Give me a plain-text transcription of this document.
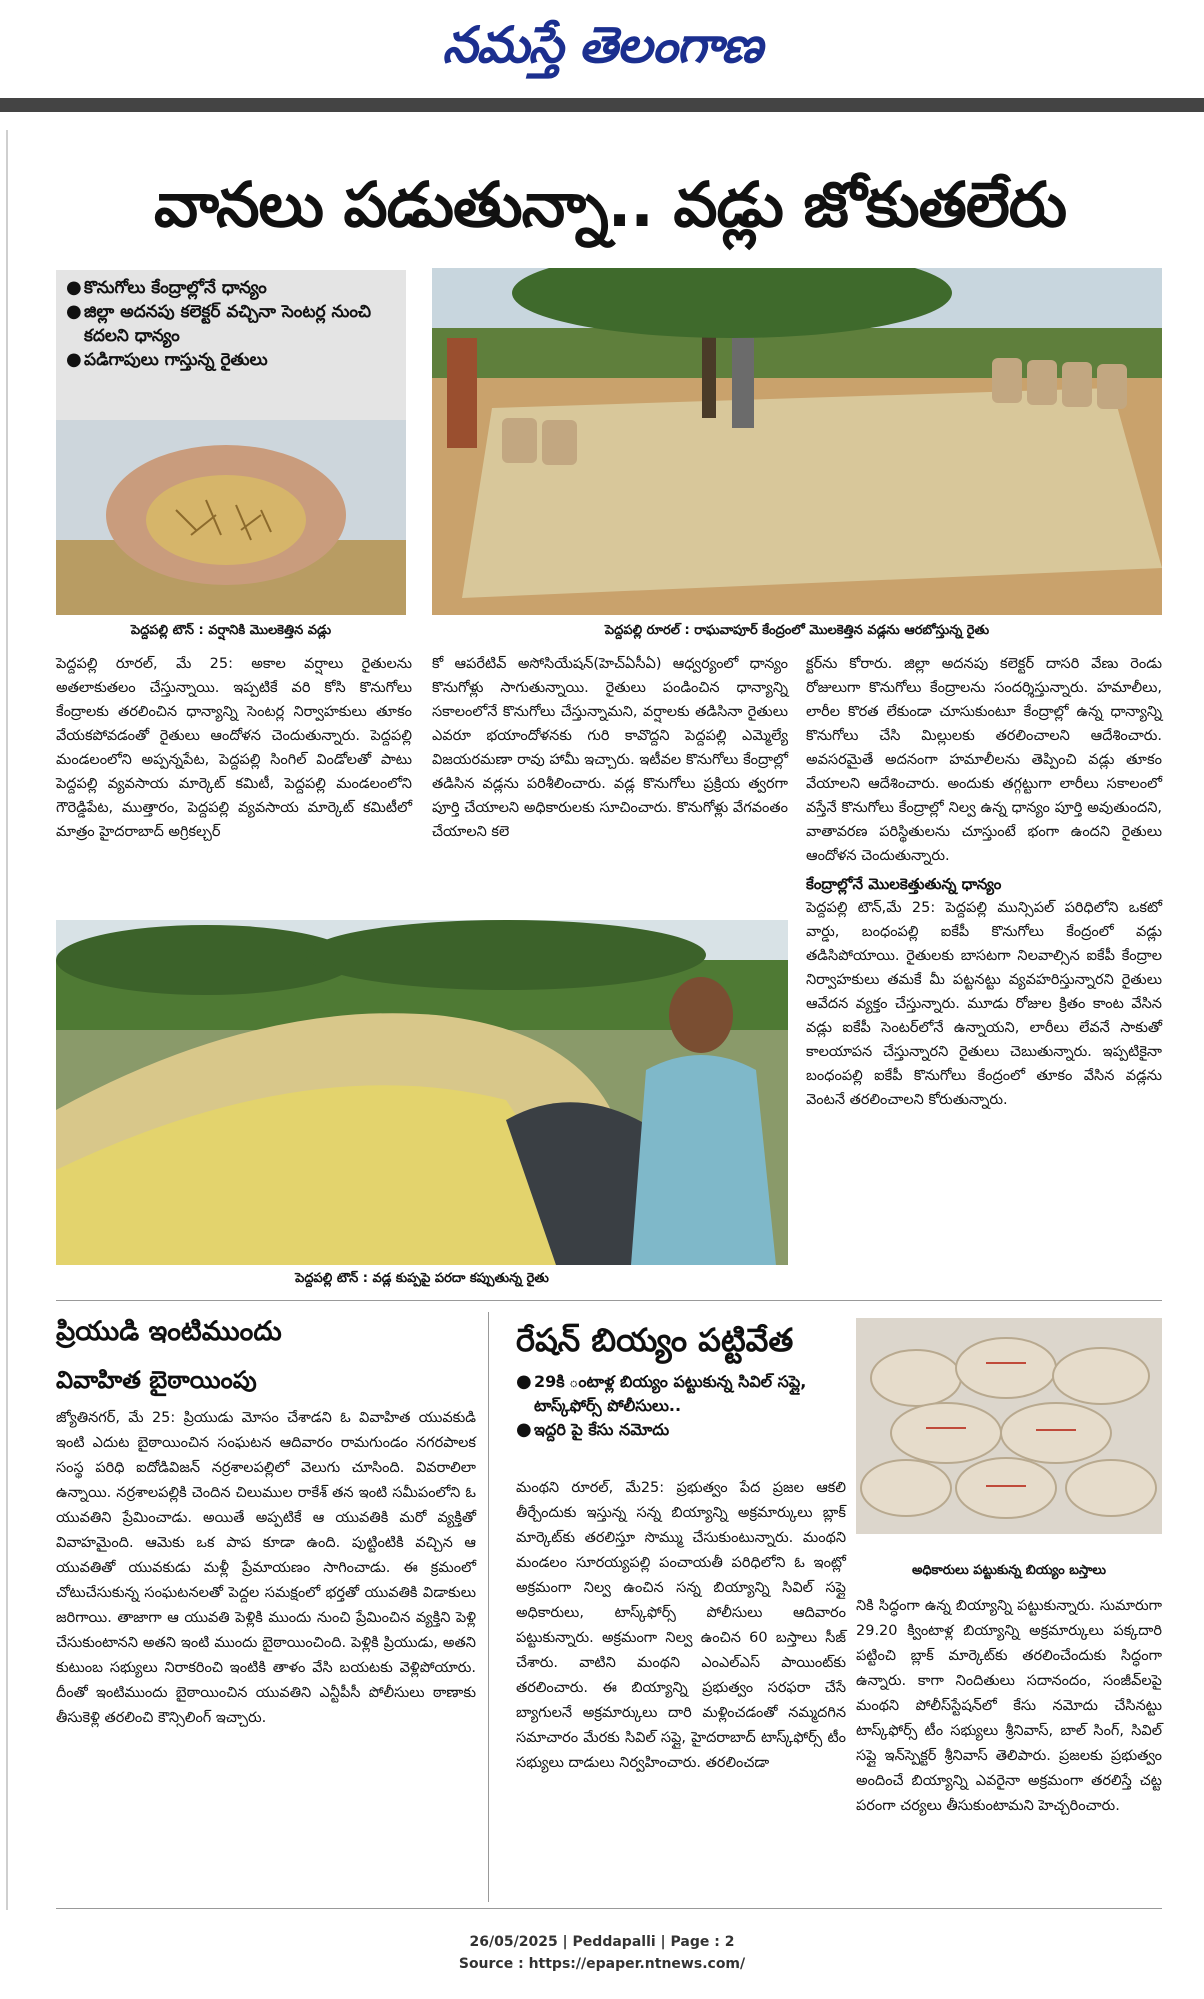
నమస్తే తెలంగాణ
వానలు పడుతున్నా.. వడ్లు జోకుతలేరు
● కొనుగోలు కేంద్రాల్లోనే ధాన్యం
● జిల్లా అదనపు కలెక్టర్ వచ్చినా సెంటర్ల నుంచి కదలని ధాన్యం
● పడిగాపులు గాస్తున్న రైతులు
పెద్దపల్లి టౌన్ : వర్షానికి మొలకెత్తిన వడ్లు	పెద్దపల్లి రూరల్ : రాఘవాపూర్ కేంద్రంలో మొలకెత్తిన వడ్లను ఆరబోస్తున్న రైతు

పెద్దపల్లి రూరల్, మే 25: అకాల వర్షాలు రైతులను అతలాకుతలం చేస్తున్నాయి. ఇప్పటికే వరి కోసి కొనుగోలు కేంద్రాలకు తరలించిన ధాన్యాన్ని సెంటర్ల నిర్వాహకులు తూకం వేయకపోవడంతో రైతులు ఆందోళన చెందుతున్నారు. పెద్దపల్లి మండలంలోని అప్పన్నపేట, పెద్దపల్లి సింగిల్ విండోలతో పాటు పెద్దపల్లి వ్యవసాయ మార్కెట్ కమిటీ, పెద్దపల్లి మండలంలోని గౌరెడ్డిపేట, ముత్తారం, పెద్దపల్లి వ్యవసాయ మార్కెట్ కమిటీలో మాత్రం హైదరాబాద్ అగ్రికల్చర్

కో ఆపరేటివ్ అసోసియేషన్(హెచ్ఏసీఏ) ఆధ్వర్యంలో ధాన్యం కొనుగోళ్లు సాగుతున్నాయి. రైతులు పండించిన ధాన్యాన్ని సకాలంలోనే కొనుగోలు చేస్తున్నామని, వర్షాలకు తడిసినా రైతులు ఎవరూ భయాందోళనకు గురి కావొద్దని పెద్దపల్లి ఎమ్మెల్యే విజయరమణా రావు హామీ ఇచ్చారు. ఇటీవల కొనుగోలు కేంద్రాల్లో తడిసిన వడ్లను పరిశీలించారు. వడ్ల కొనుగోలు ప్రక్రియ త్వరగా పూర్తి చేయాలని అధికారులకు సూచించారు. కొనుగోళ్లు వేగవంతం చేయాలని కలె

క్టర్‌ను కోరారు. జిల్లా అదనపు కలెక్టర్ దాసరి వేణు రెండు రోజులుగా కొనుగోలు కేంద్రాలను సందర్శిస్తున్నారు. హమాలీలు, లారీల కొరత లేకుండా చూసుకుంటూ కేంద్రాల్లో ఉన్న ధాన్యాన్ని కొనుగోలు చేసి మిల్లులకు తరలించాలని ఆదేశించారు. అవసరమైతే అదనంగా హమాలీలను తెప్పించి వడ్లు తూకం వేయాలని ఆదేశించారు. అందుకు తగ్గట్టుగా లారీలు సకాలంలో వస్తేనే కొనుగోలు కేంద్రాల్లో నిల్వ ఉన్న ధాన్యం పూర్తి అవుతుందని, వాతావరణ పరిస్థితులను చూస్తుంటే భంగా ఉందని రైతులు ఆందోళన చెందుతున్నారు.

కేంద్రాల్లోనే మొలకెత్తుతున్న ధాన్యం

పెద్దపల్లి టౌన్,మే 25: పెద్దపల్లి మున్సిపల్ పరిధిలోని ఒకటో వార్డు, బంధంపల్లి ఐకేపీ కొనుగోలు కేంద్రంలో వడ్లు తడిసిపోయాయి. రైతులకు బాసటగా నిలవాల్సిన ఐకేపీ కేంద్రాల నిర్వాహకులు తమకే మీ పట్టనట్టు వ్యవహరిస్తున్నారని రైతులు ఆవేదన వ్యక్తం చేస్తున్నారు. మూడు రోజుల క్రితం కాంట వేసిన వడ్లు ఐకేపీ సెంటర్‌లోనే ఉన్నాయని, లారీలు లేవనే సాకుతో కాలయాపన చేస్తున్నారని రైతులు చెబుతున్నారు. ఇప్పటికైనా బంధంపల్లి ఐకేపీ కొనుగోలు కేంద్రంలో తూకం వేసిన వడ్లను వెంటనే తరలించాలని కోరుతున్నారు.

పెద్దపల్లి టౌన్ : వడ్ల కుప్పపై పరదా కప్పుతున్న రైతు
ప్రియుడి ఇంటిముందు
వివాహిత బైఠాయింపు

జ్యోతినగర్, మే 25: ప్రియుడు మోసం చేశాడని ఓ వివాహిత యువకుడి ఇంటి ఎదుట బైఠాయించిన సంఘటన ఆదివారం రామగుండం నగరపాలక సంస్థ పరిధి ఐదోడివిజన్ నర్రశాలపల్లిలో వెలుగు చూసింది. వివరాలిలా ఉన్నాయి. నర్రశాలపల్లికి చెందిన చిలుముల రాకేశ్ తన ఇంటి సమీపంలోని ఓ యువతిని ప్రేమించాడు. అయితే అప్పటికే ఆ యువతికి మరో వ్యక్తితో వివాహమైంది. ఆమెకు ఒక పాప కూడా ఉంది. పుట్టింటికి వచ్చిన ఆ యువతితో యువకుడు మళ్లీ ప్రేమాయణం సాగించాడు. ఈ క్రమంలో చోటుచేసుకున్న సంఘటనలతో పెద్దల సమక్షంలో భర్తతో యువతికి విడాకులు జరిగాయి. తాజాగా ఆ యువతి పెళ్లికి ముందు నుంచి ప్రేమించిన వ్యక్తిని పెళ్లి చేసుకుంటానని అతని ఇంటి ముందు బైఠాయించింది. పెళ్లికి ప్రియుడు, అతని కుటుంబ సభ్యులు నిరాకరించి ఇంటికి తాళం వేసి బయటకు వెళ్లిపోయారు. దీంతో ఇంటిముందు బైఠాయించిన యువతిని ఎన్టీపీసీ పోలీసులు ఠాణాకు తీసుకెళ్లి తరలించి కౌన్సిలింగ్ ఇచ్చారు.

రేషన్ బియ్యం పట్టివేత
● 29కి ంటాళ్ల బియ్యం పట్టుకున్న సివిల్ సప్లై, టాస్క్‌ఫోర్స్ పోలీసులు..
● ఇద్దరి పై కేసు నమోదు

మంథని రూరల్, మే25: ప్రభుత్వం పేద ప్రజల ఆకలి తీర్చేందుకు ఇస్తున్న సన్న బియ్యాన్ని అక్రమార్కులు బ్లాక్ మార్కెట్‌కు తరలిస్తూ సొమ్ము చేసుకుంటున్నారు. మంథని మండలం సూరయ్యపల్లి పంచాయతీ పరిధిలోని ఓ ఇంట్లో అక్రమంగా నిల్వ ఉంచిన సన్న బియ్యాన్ని సివిల్ సప్లై అధికారులు, టాస్క్‌ఫోర్స్ పోలీసులు ఆదివారం పట్టుకున్నారు. అక్రమంగా నిల్వ ఉంచిన 60 బస్తాలు సీజ్ చేశారు. వాటిని మంథని ఎంఎల్ఎస్ పాయింట్‌కు తరలించారు. ఈ బియ్యాన్ని ప్రభుత్వం సరఫరా చేసే బ్యాగులనే అక్రమార్కులు దారి మళ్లించడంతో నమ్మదగిన సమాచారం మేరకు సివిల్ సప్లై, హైదరాబాద్ టాస్క్‌ఫోర్స్ టీం సభ్యులు దాడులు నిర్వహించారు. తరలించడా

అధికారులు పట్టుకున్న బియ్యం బస్తాలు

నికి సిద్ధంగా ఉన్న బియ్యాన్ని పట్టుకున్నారు. సుమారుగా 29.20 క్వింటాళ్ల బియ్యాన్ని అక్రమార్కులు పక్కదారి పట్టించి బ్లాక్ మార్కెట్‌కు తరలించేందుకు సిద్ధంగా ఉన్నారు. కాగా నిందితులు సదానందం, సంజీవ్‌లపై మంథని పోలీస్‌స్టేషన్‌లో కేసు నమోదు చేసినట్టు టాస్క్‌ఫోర్స్ టీం సభ్యులు శ్రీనివాస్, బాల్ సింగ్, సివిల్ సప్లై ఇన్‌స్పెక్టర్ శ్రీనివాస్ తెలిపారు. ప్రజలకు ప్రభుత్వం అందించే బియ్యాన్ని ఎవరైనా అక్రమంగా తరలిస్తే చట్ట పరంగా చర్యలు తీసుకుంటామని హెచ్చరించారు.

26/05/2025 | Peddapalli | Page : 2
Source : https://epaper.ntnews.com/
